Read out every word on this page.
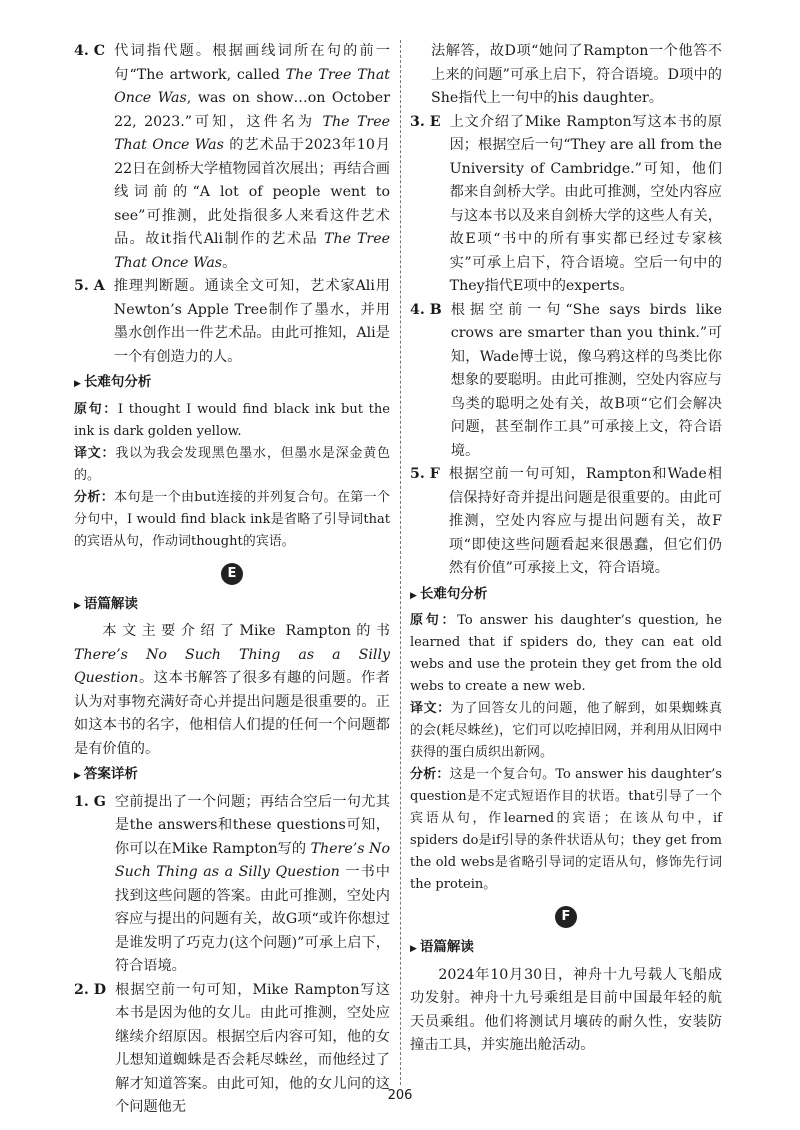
4. C
代词指代题。根据画线词所在句的前一句“The artwork, called The Tree That Once Was, was on show…on October 22, 2023.”可知，这件名为 The Tree That Once Was 的艺术品于2023年10月22日在剑桥大学植物园首次展出；再结合画线词前的“A lot of people went to see”可推测，此处指很多人来看这件艺术品。故it指代Ali制作的艺术品 The Tree That Once Was。
5. A
推理判断题。通读全文可知，艺术家Ali用Newton’s Apple Tree制作了墨水，并用墨水创作出一件艺术品。由此可推知，Ali是一个有创造力的人。
▶ 长难句分析

原句：I thought I would find black ink but the ink is dark golden yellow.

译文：我以为我会发现黑色墨水，但墨水是深金黄色的。

分析：本句是一个由but连接的并列复合句。在第一个分句中，I would find black ink是省略了引导词that的宾语从句，作动词thought的宾语。

E
▶ 语篇解读

本文主要介绍了Mike Rampton的书 There’s No Such Thing as a Silly Question。这本书解答了很多有趣的问题。作者认为对事物充满好奇心并提出问题是很重要的。正如这本书的名字，他相信人们提的任何一个问题都是有价值的。

▶ 答案详析
1. G
空前提出了一个问题；再结合空后一句尤其是the answers和these questions可知，你可以在Mike Rampton写的 There’s No Such Thing as a Silly Question 一书中找到这些问题的答案。由此可推测，空处内容应与提出的问题有关，故G项“或许你想过是谁发明了巧克力(这个问题)”可承上启下，符合语境。
2. D
根据空前一句可知，Mike Rampton写这本书是因为他的女儿。由此可推测，空处应继续介绍原因。根据空后内容可知，他的女儿想知道蜘蛛是否会耗尽蛛丝，而他经过了解才知道答案。由此可知，他的女儿问的这个问题他无

法解答，故D项“她问了Rampton一个他答不上来的问题”可承上启下，符合语境。D项中的She指代上一句中的his daughter。

3. E
上文介绍了Mike Rampton写这本书的原因；根据空后一句“They are all from the University of Cambridge.”可知，他们都来自剑桥大学。由此可推测，空处内容应与这本书以及来自剑桥大学的这些人有关，故E项“书中的所有事实都已经过专家核实”可承上启下，符合语境。空后一句中的They指代E项中的experts。
4. B
根据空前一句“She says birds like crows are smarter than you think.”可知，Wade博士说，像乌鸦这样的鸟类比你想象的要聪明。由此可推测，空处内容应与鸟类的聪明之处有关，故B项“它们会解决问题，甚至制作工具”可承接上文，符合语境。
5. F
根据空前一句可知，Rampton和Wade相信保持好奇并提出问题是很重要的。由此可推测，空处内容应与提出问题有关，故F项“即使这些问题看起来很愚蠢，但它们仍然有价值”可承接上文，符合语境。
▶ 长难句分析

原句：To answer his daughter’s question, he learned that if spiders do, they can eat old webs and use the protein they get from the old webs to create a new web.

译文：为了回答女儿的问题，他了解到，如果蜘蛛真的会(耗尽蛛丝)，它们可以吃掉旧网，并利用从旧网中获得的蛋白质织出新网。

分析：这是一个复合句。To answer his daughter’s question是不定式短语作目的状语。that引导了一个宾语从句，作learned的宾语；在该从句中，if spiders do是if引导的条件状语从句；they get from the old webs是省略引导词的定语从句，修饰先行词the protein。

F
▶ 语篇解读

2024年10月30日，神舟十九号载人飞船成功发射。神舟十九号乘组是目前中国最年轻的航天员乘组。他们将测试月壤砖的耐久性，安装防撞击工具，并实施出舱活动。

206
